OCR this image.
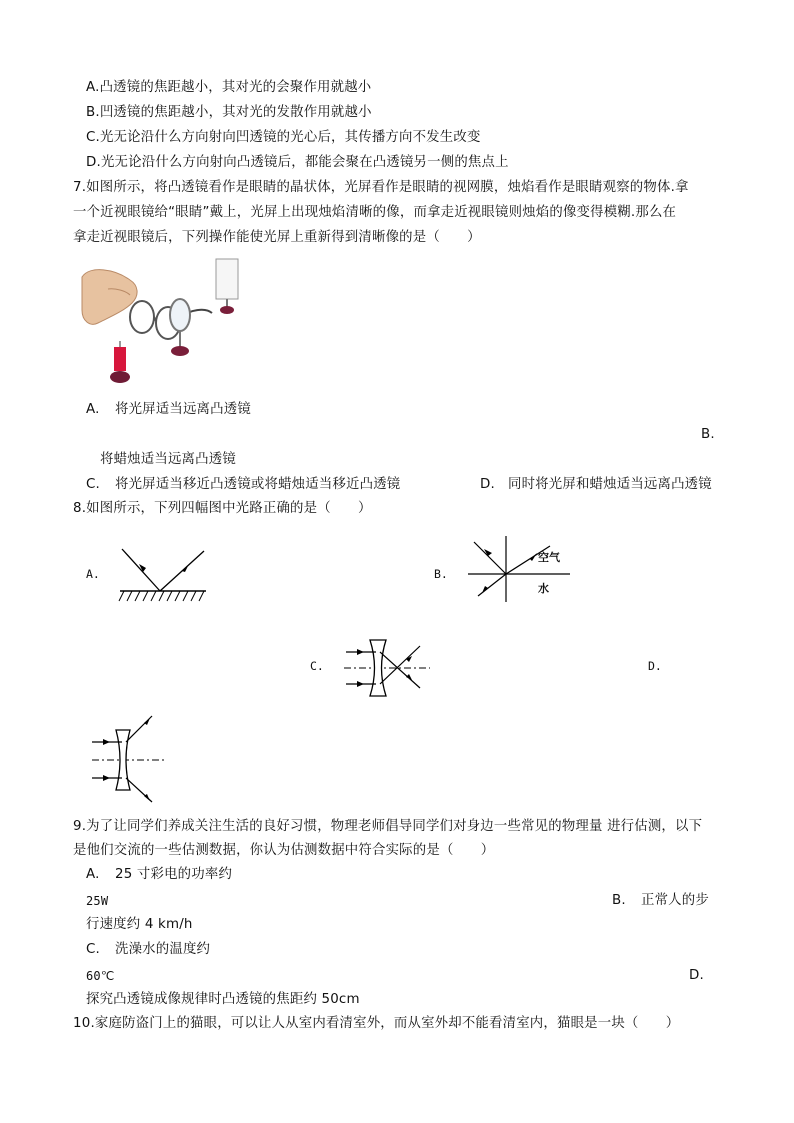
A.凸透镜的焦距越小，其对光的会聚作用就越小
B.凹透镜的焦距越小，其对光的发散作用就越小
C.光无论沿什么方向射向凹透镜的光心后，其传播方向不发生改变
D.光无论沿什么方向射向凸透镜后，都能会聚在凸透镜另一侧的焦点上
7.如图所示，将凸透镜看作是眼睛的晶状体，光屏看作是眼睛的视网膜，烛焰看作是眼睛观察的物体.拿
一个近视眼镜给“眼睛”戴上，光屏上出现烛焰清晰的像，而拿走近视眼镜则烛焰的像变得模糊.那么在
拿走近视眼镜后，下列操作能使光屏上重新得到清晰像的是（　　）
A. 将光屏适当远离凸透镜
B.
将蜡烛适当远离凸透镜
C. 将光屏适当移近凸透镜或将蜡烛适当移近凸透镜	D. 同时将光屏和蜡烛适当远离凸透镜
8.如图所示，下列四幅图中光路正确的是（　　）
A.	B.
空气
水
C.	D.
9.为了让同学们养成关注生活的良好习惯，物理老师倡导同学们对身边一些常见的物理量 进行估测，以下
是他们交流的一些估测数据，你认为估测数据中符合实际的是（　　）
A. 25 寸彩电的功率约
25W	B. 正常人的步
行速度约 4 km/h
C. 洗澡水的温度约
60℃	D.
探究凸透镜成像规律时凸透镜的焦距约 50cm
10.家庭防盗门上的猫眼，可以让人从室内看清室外，而从室外却不能看清室内，猫眼是一块（　　）
